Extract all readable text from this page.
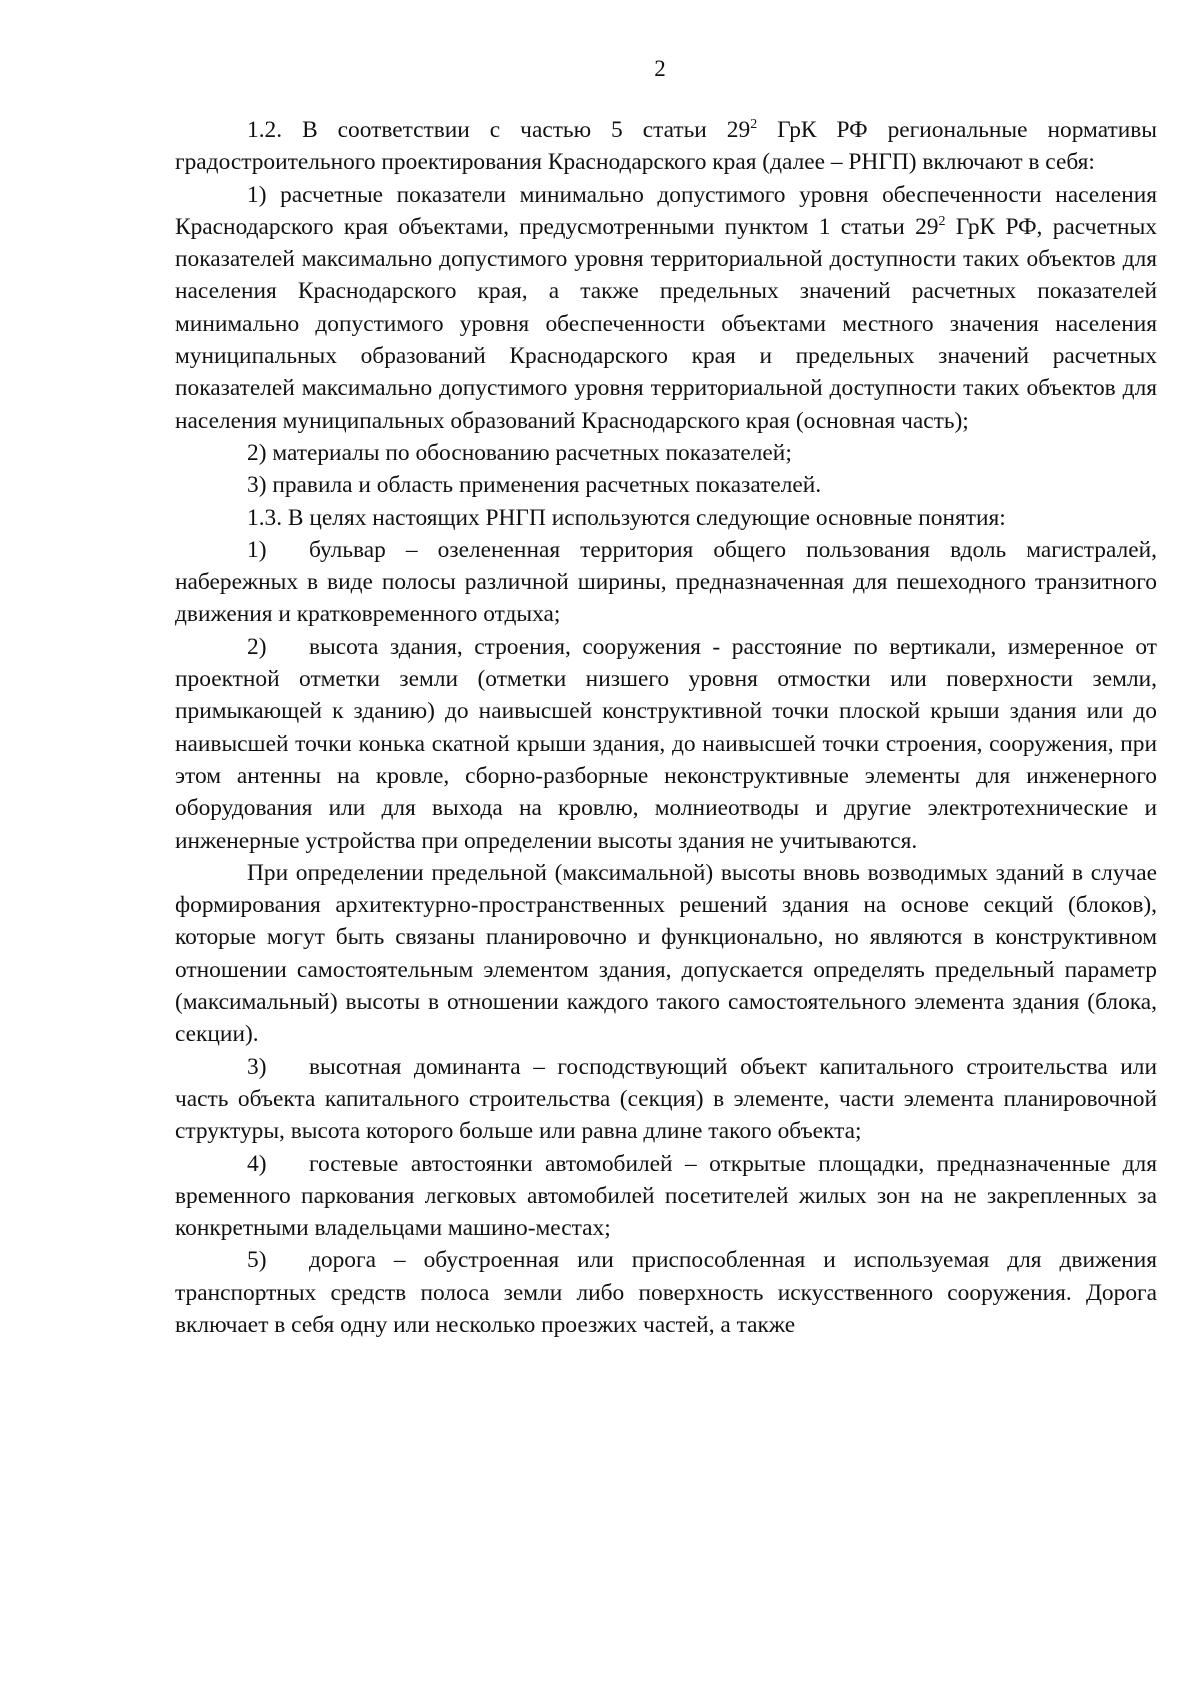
2

1.2. В соответствии с частью 5 статьи $29^2$ ГрК РФ региональные нормативы градостроительного проектирования Краснодарского края (далее – РНГП) включают в себя:

1) расчетные показатели минимально допустимого уровня обеспеченности населения Краснодарского края объектами, предусмотренными пунктом 1 статьи $29^2$ ГрК РФ, расчетных показателей максимально допустимого уровня территориальной доступности таких объектов для населения Краснодарского края, а также предельных значений расчетных показателей минимально допустимого уровня обеспеченности объектами местного значения населения муниципальных образований Краснодарского края и предельных значений расчетных показателей максимально допустимого уровня территориальной доступности таких объектов для населения муниципальных образований Краснодарского края (основная часть);

2) материалы по обоснованию расчетных показателей;

3) правила и область применения расчетных показателей.

1.3. В целях настоящих РНГП используются следующие основные понятия:

1) бульвар – озелененная территория общего пользования вдоль магистралей, набережных в виде полосы различной ширины, предназначенная для пешеходного транзитного движения и кратковременного отдыха;

2) высота здания, строения, сооружения - расстояние по вертикали, измеренное от проектной отметки земли (отметки низшего уровня отмостки или поверхности земли, примыкающей к зданию) до наивысшей конструктивной точки плоской крыши здания или до наивысшей точки конька скатной крыши здания, до наивысшей точки строения, сооружения, при этом антенны на кровле, сборно-разборные неконструктивные элементы для инженерного оборудования или для выхода на кровлю, молниеотводы и другие электротехнические и инженерные устройства при определении высоты здания не учитываются.

При определении предельной (максимальной) высоты вновь возводимых зданий в случае формирования архитектурно-пространственных решений здания на основе секций (блоков), которые могут быть связаны планировочно и функционально, но являются в конструктивном отношении самостоятельным элементом здания, допускается определять предельный параметр (максимальный) высоты в отношении каждого такого самостоятельного элемента здания (блока, секции).

3) высотная доминанта – господствующий объект капитального строительства или часть объекта капитального строительства (секция) в элементе, части элемента планировочной структуры, высота которого больше или равна длине такого объекта;

4) гостевые автостоянки автомобилей – открытые площадки, предназначенные для временного паркования легковых автомобилей посетителей жилых зон на не закрепленных за конкретными владельцами машино-местах;

5) дорога – обустроенная или приспособленная и используемая для движения транспортных средств полоса земли либо поверхность искусственного сооружения. Дорога включает в себя одну или несколько проезжих частей, а также
